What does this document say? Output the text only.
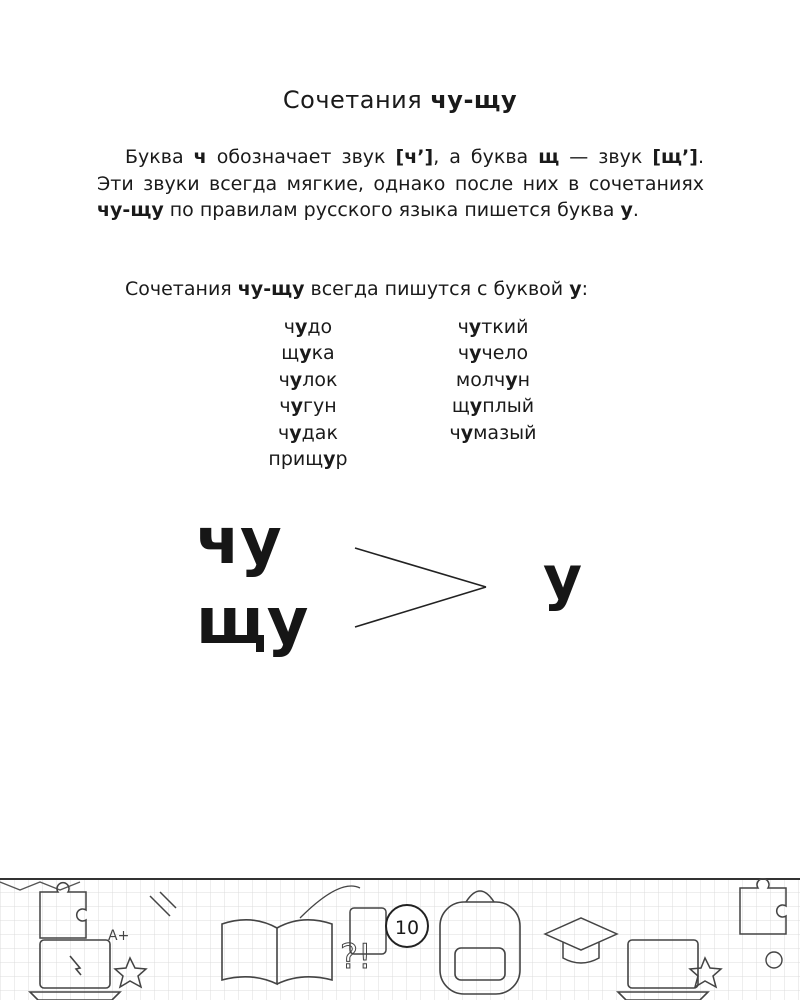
Сочетания чу-щу
Буква ч обозначает звук [ч’], а буква щ — звук [щ’]. Эти звуки всегда мягкие, однако после них в сочетаниях чу-щу по правилам русского языка пишется буква у.
Сочетания чу-щу всегда пишутся с буквой у:
чудо
щука
чулок
чугун
чудак
прищур
чуткий
чучело
молчун
щуплый
чумазый
чу
щу
у
A+
?!
10
